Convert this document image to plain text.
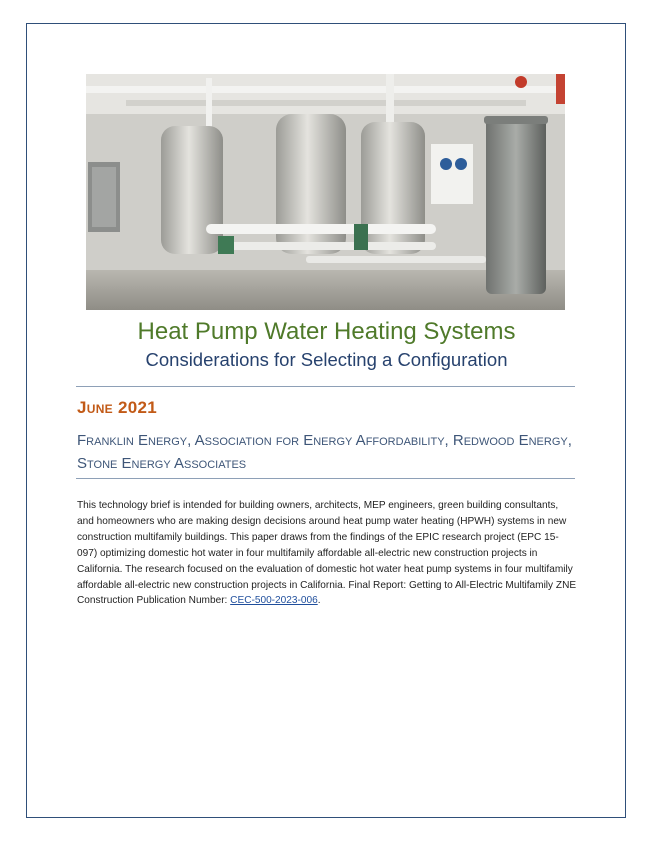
Heat Pump Water Heating Systems
Considerations for Selecting a Configuration
June 2021
Franklin Energy, Association for Energy Affordability, Redwood Energy, Stone Energy Associates
This technology brief is intended for building owners, architects, MEP engineers, green building consultants, and homeowners who are making design decisions around heat pump water heating (HPWH) systems in new construction multifamily buildings. This paper draws from the findings of the EPIC research project (EPC 15-097) optimizing domestic hot water in four multifamily affordable all-electric new construction projects in California. The research focused on the evaluation of domestic hot water heat pump systems in four multifamily affordable all-electric new construction projects in California. Final Report: Getting to All-Electric Multifamily ZNE Construction Publication Number: CEC-500-2023-006.
